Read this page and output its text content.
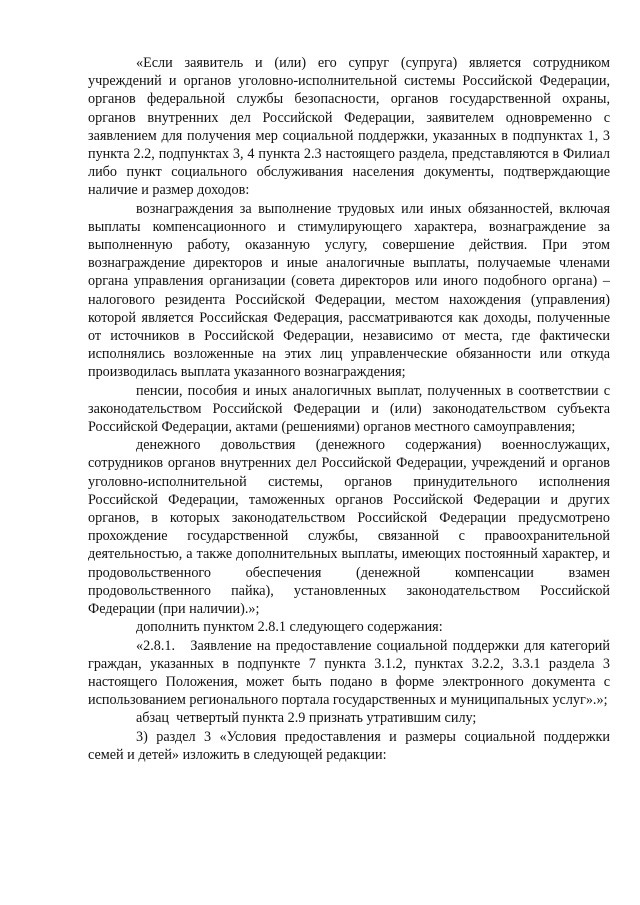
«Если заявитель и (или) его супруг (супруга) является сотрудником учреждений и органов уголовно-исполнительной системы Российской Федерации, органов федеральной службы безопасности, органов государственной охраны, органов внутренних дел Российской Федерации, заявителем одновременно с заявлением для получения мер социальной поддержки, указанных в подпунктах 1, 3 пункта 2.2, подпунктах 3, 4 пункта 2.3 настоящего раздела, представляются в Филиал либо пункт социального обслуживания населения документы, подтверждающие наличие и размер доходов:

вознаграждения за выполнение трудовых или иных обязанностей, включая выплаты компенсационного и стимулирующего характера, вознаграждение за выполненную работу, оказанную услугу, совершение действия. При этом вознаграждение директоров и иные аналогичные выплаты, получаемые членами органа управления организации (совета директоров или иного подобного органа) – налогового резидента Российской Федерации, местом нахождения (управления) которой является Российская Федерация, рассматриваются как доходы, полученные от источников в Российской Федерации, независимо от места, где фактически исполнялись возложенные на этих лиц управленческие обязанности или откуда производилась выплата указанного вознаграждения;

пенсии, пособия и иных аналогичных выплат, полученных в соответствии с законодательством Российской Федерации и (или) законодательством субъекта Российской Федерации, актами (решениями) органов местного самоуправления;

денежного довольствия (денежного содержания) военнослужащих, сотрудников органов внутренних дел Российской Федерации, учреждений и органов уголовно-исполнительной системы, органов принудительного исполнения Российской Федерации, таможенных органов Российской Федерации и других органов, в которых законодательством Российской Федерации предусмотрено прохождение государственной службы, связанной с правоохранительной деятельностью, а также дополнительных выплаты, имеющих постоянный характер, и продовольственного обеспечения (денежной компенсации взамен продовольственного пайка), установленных законодательством Российской Федерации (при наличии).»;

дополнить пунктом 2.8.1 следующего содержания:

«2.8.1.   Заявление на предоставление социальной поддержки для категорий граждан, указанных в подпункте 7 пункта 3.1.2, пунктах 3.2.2, 3.3.1 раздела 3 настоящего Положения, может быть подано в форме электронного документа с использованием регионального портала государственных и муниципальных услуг».»;

абзац  четвертый пункта 2.9 признать утратившим силу;

3) раздел 3 «Условия предоставления и размеры социальной поддержки семей и детей» изложить в следующей редакции:
